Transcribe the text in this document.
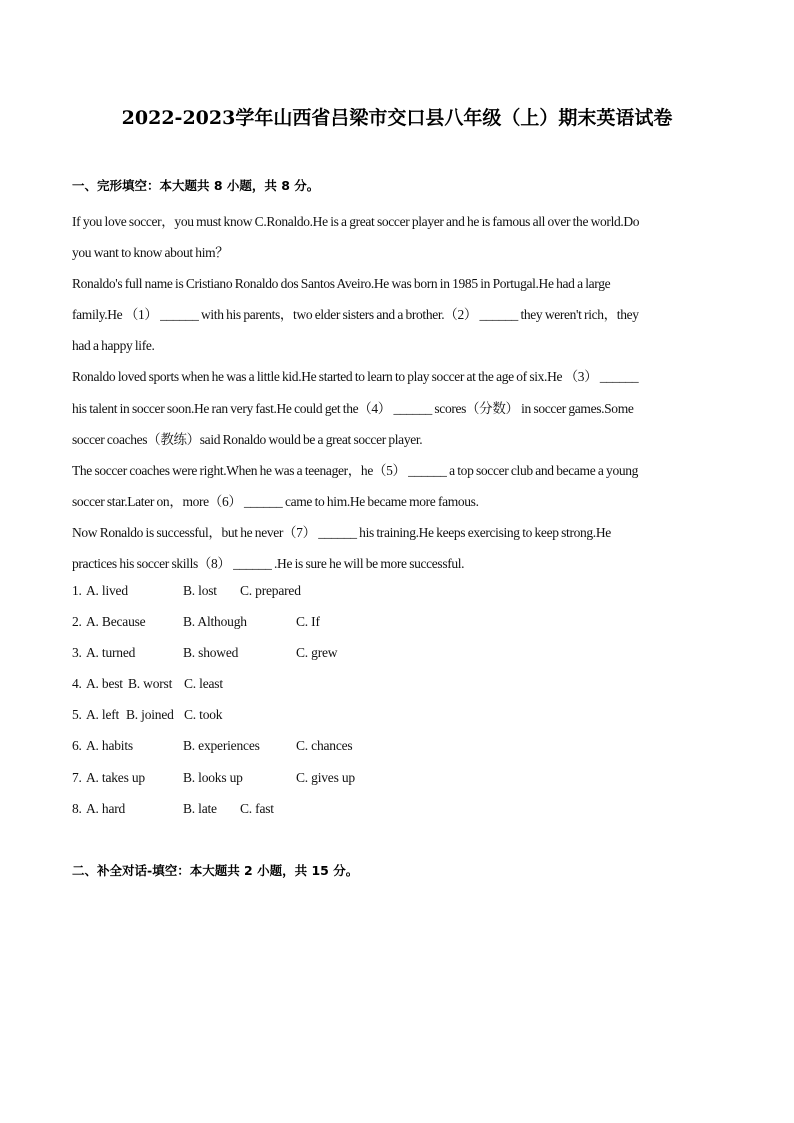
2022-2023学年山西省吕梁市交口县八年级（上）期末英语试卷
一、完形填空：本大题共 8 小题，共 8 分。
If you love soccer，you must know C.Ronaldo.He is a great soccer player and he is famous all over the world.Do
you want to know about him？
Ronaldo's full name is Cristiano Ronaldo dos Santos Aveiro.He was born in 1985 in Portugal.He had a large
family.He （1） ______ with his parents，two elder sisters and a brother.（2） ______ they weren't rich，they
had a happy life.
Ronaldo loved sports when he was a little kid.He started to learn to play soccer at the age of six.He （3） ______
his talent in soccer soon.He ran very fast.He could get the（4） ______ scores（分数） in soccer games.Some
soccer coaches（教练）said Ronaldo would be a great soccer player.
The soccer coaches were right.When he was a teenager，he（5） ______ a top soccer club and became a young
soccer star.Later on，more（6） ______ came to him.He became more famous.
Now Ronaldo is successful，but he never（7） ______ his training.He keeps exercising to keep strong.He
practices his soccer skills（8） ______ .He is sure he will be more successful.
1. A. lived	B. lost C. prepared
2. A. Because	B. Although	C. If
3. A. turned	B. showed	C. grew
4. A. best B. worst C. least
5. A. left B. joined C. took
6. A. habits	B. experiences	C. chances
7. A. takes up	B. looks up	C. gives up
8. A. hard	B. late C. fast
二、补全对话-填空：本大题共 2 小题，共 15 分。
